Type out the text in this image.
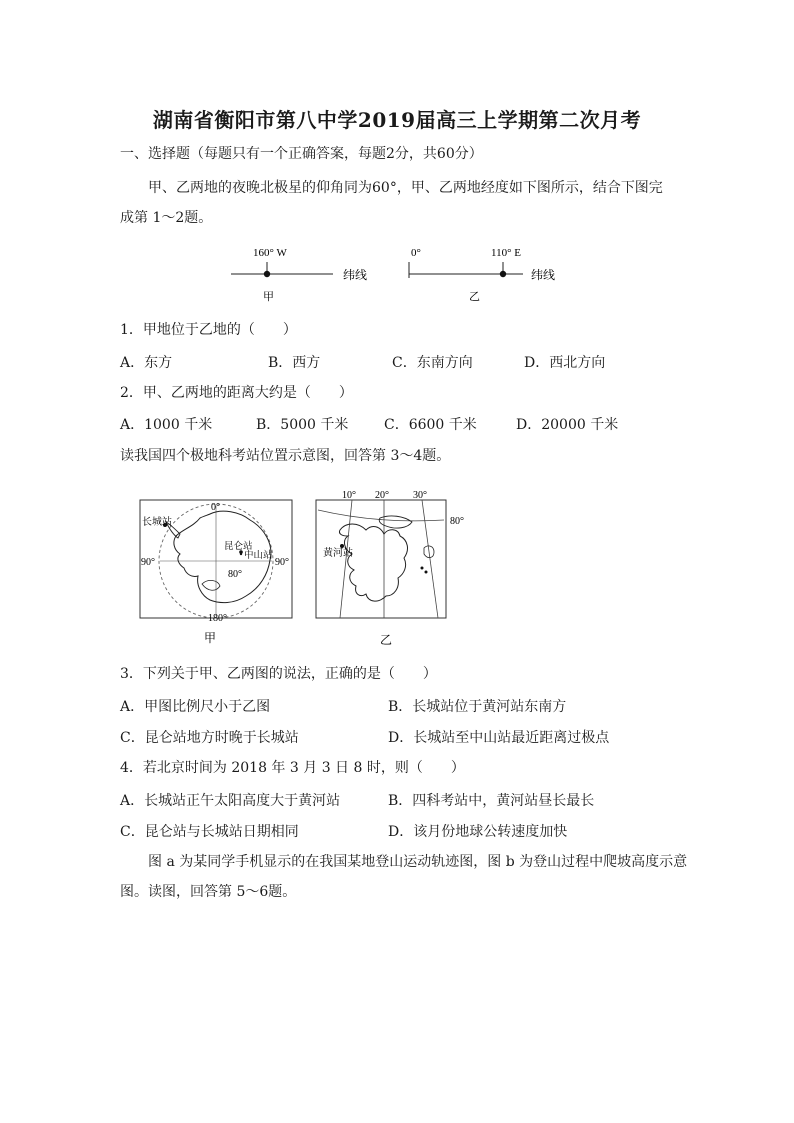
湖南省衡阳市第八中学2019届高三上学期第二次月考
一、选择题（每题只有一个正确答案，每题2分，共60分）
甲、乙两地的夜晚北极星的仰角同为60°，甲、乙两地经度如下图所示，结合下图完
成第 1～2题。
160° W
纬线
甲
0°	110° E
纬线
乙
1．甲地位于乙地的（　　）
A．东方	B．西方	C．东南方向	D．西北方向
2．甲、乙两地的距离大约是（　　）
A．1000 千米	B．5000 千米	C．6600 千米	D．20000 千米
读我国四个极地科考站位置示意图，回答第 3～4题。
长城站
昆仑站
中山站
0°
90°	90°
80°
180°
甲
黄河站
10° 20° 30°
80°
乙
3．下列关于甲、乙两图的说法，正确的是（　　）
A．甲图比例尺小于乙图	B．长城站位于黄河站东南方
C．昆仑站地方时晚于长城站	D．长城站至中山站最近距离过极点
4．若北京时间为 2018 年 3 月 3 日 8 时，则（　　）
A．长城站正午太阳高度大于黄河站	B．四科考站中，黄河站昼长最长
C．昆仑站与长城站日期相同	D．该月份地球公转速度加快
图 a 为某同学手机显示的在我国某地登山运动轨迹图，图 b 为登山过程中爬坡高度示意
图。读图，回答第 5～6题。
